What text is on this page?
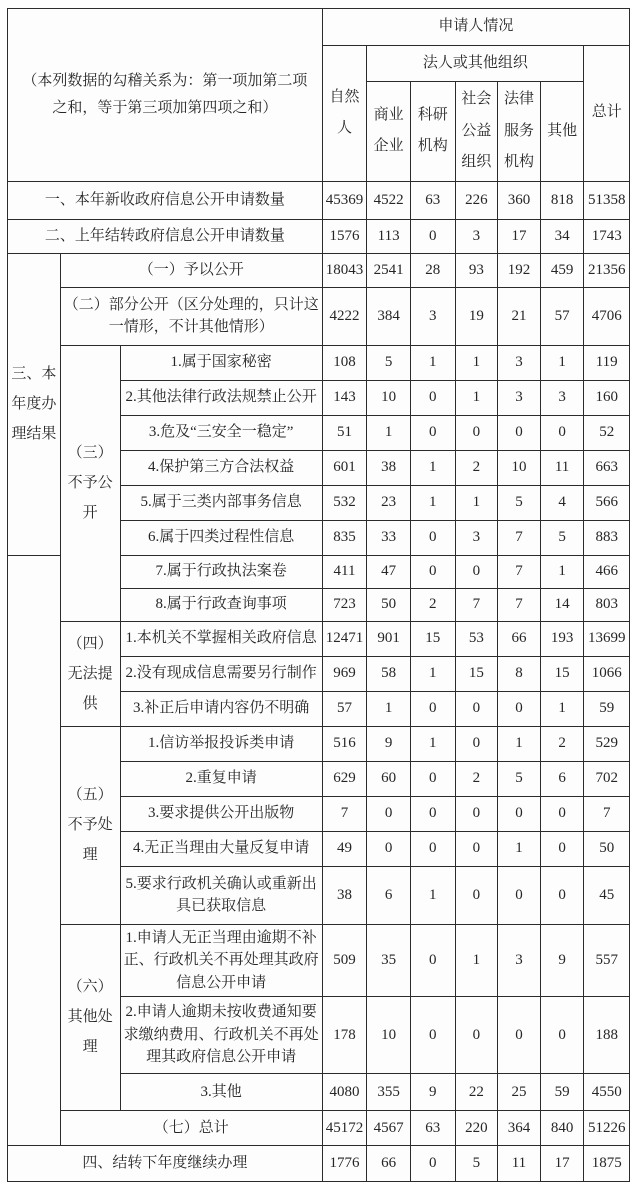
（本列数据的勾稽关系为：第一项加第二项之和，等于第三项加第四项之和）			申请人情况						
			自然人	法人或其他组织					总计
				商业企业	科研机构	社会公益组织	法律服务机构	其他	
一、本年新收政府信息公开申请数量			45369	4522	63	226	360	818	51358
二、上年结转政府信息公开申请数量			1576	113	0	3	17	34	1743
三、本年度办理结果	（一）予以公开		18043	2541	28	93	192	459	21356
	（二）部分公开（区分处理的，只计这一情形，不计其他情形）		4222	384	3	19	21	57	4706
	（三）不予公开	1.属于国家秘密	108	5	1	1	3	1	119
		2.其他法律行政法规禁止公开	143	10	0	1	3	3	160
		3.危及“三安全一稳定”	51	1	0	0	0	0	52
		4.保护第三方合法权益	601	38	1	2	10	11	663
		5.属于三类内部事务信息	532	23	1	1	5	4	566
		6.属于四类过程性信息	835	33	0	3	7	5	883
		7.属于行政执法案卷	411	47	0	0	7	1	466
		8.属于行政查询事项	723	50	2	7	7	14	803
	（四）无法提供	1.本机关不掌握相关政府信息	12471	901	15	53	66	193	13699
		2.没有现成信息需要另行制作	969	58	1	15	8	15	1066
		3.补正后申请内容仍不明确	57	1	0	0	0	1	59
	（五）不予处理	1.信访举报投诉类申请	516	9	1	0	1	2	529
		2.重复申请	629	60	0	2	5	6	702
		3.要求提供公开出版物	7	0	0	0	0	0	7
		4.无正当理由大量反复申请	49	0	0	0	1	0	50
		5.要求行政机关确认或重新出具已获取信息	38	6	1	0	0	0	45
	（六）其他处理	1.申请人无正当理由逾期不补正、行政机关不再处理其政府信息公开申请	509	35	0	1	3	9	557
		2.申请人逾期未按收费通知要求缴纳费用、行政机关不再处理其政府信息公开申请	178	10	0	0	0	0	188
		3.其他	4080	355	9	22	25	59	4550
	（七）总计		45172	4567	63	220	364	840	51226
四、结转下年度继续办理			1776	66	0	5	11	17	1875
